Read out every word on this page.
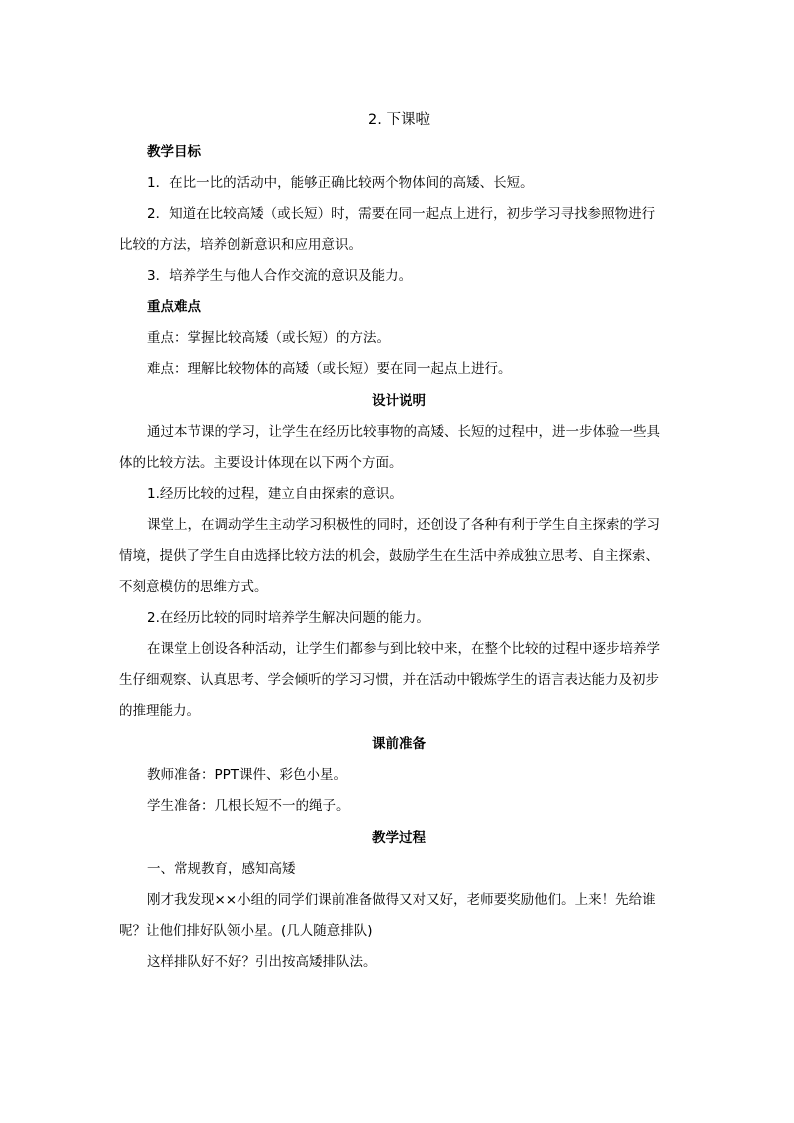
2. 下课啦
教学目标
1．在比一比的活动中，能够正确比较两个物体间的高矮、长短。
2．知道在比较高矮（或长短）时，需要在同一起点上进行，初步学习寻找参照物进行
比较的方法，培养创新意识和应用意识。
3．培养学生与他人合作交流的意识及能力。
重点难点
重点：掌握比较高矮（或长短）的方法。
难点：理解比较物体的高矮（或长短）要在同一起点上进行。
设计说明
通过本节课的学习，让学生在经历比较事物的高矮、长短的过程中，进一步体验一些具
体的比较方法。主要设计体现在以下两个方面。
1.经历比较的过程，建立自由探索的意识。
课堂上，在调动学生主动学习积极性的同时，还创设了各种有利于学生自主探索的学习
情境，提供了学生自由选择比较方法的机会，鼓励学生在生活中养成独立思考、自主探索、
不刻意模仿的思维方式。
2.在经历比较的同时培养学生解决问题的能力。
在课堂上创设各种活动，让学生们都参与到比较中来，在整个比较的过程中逐步培养学
生仔细观察、认真思考、学会倾听的学习习惯，并在活动中锻炼学生的语言表达能力及初步
的推理能力。
课前准备
教师准备：PPT课件、彩色小星。
学生准备：几根长短不一的绳子。
教学过程
一、常规教育，感知高矮
刚才我发现××小组的同学们课前准备做得又对又好，老师要奖励他们。上来！先给谁
呢？让他们排好队领小星。(几人随意排队)
这样排队好不好？引出按高矮排队法。
